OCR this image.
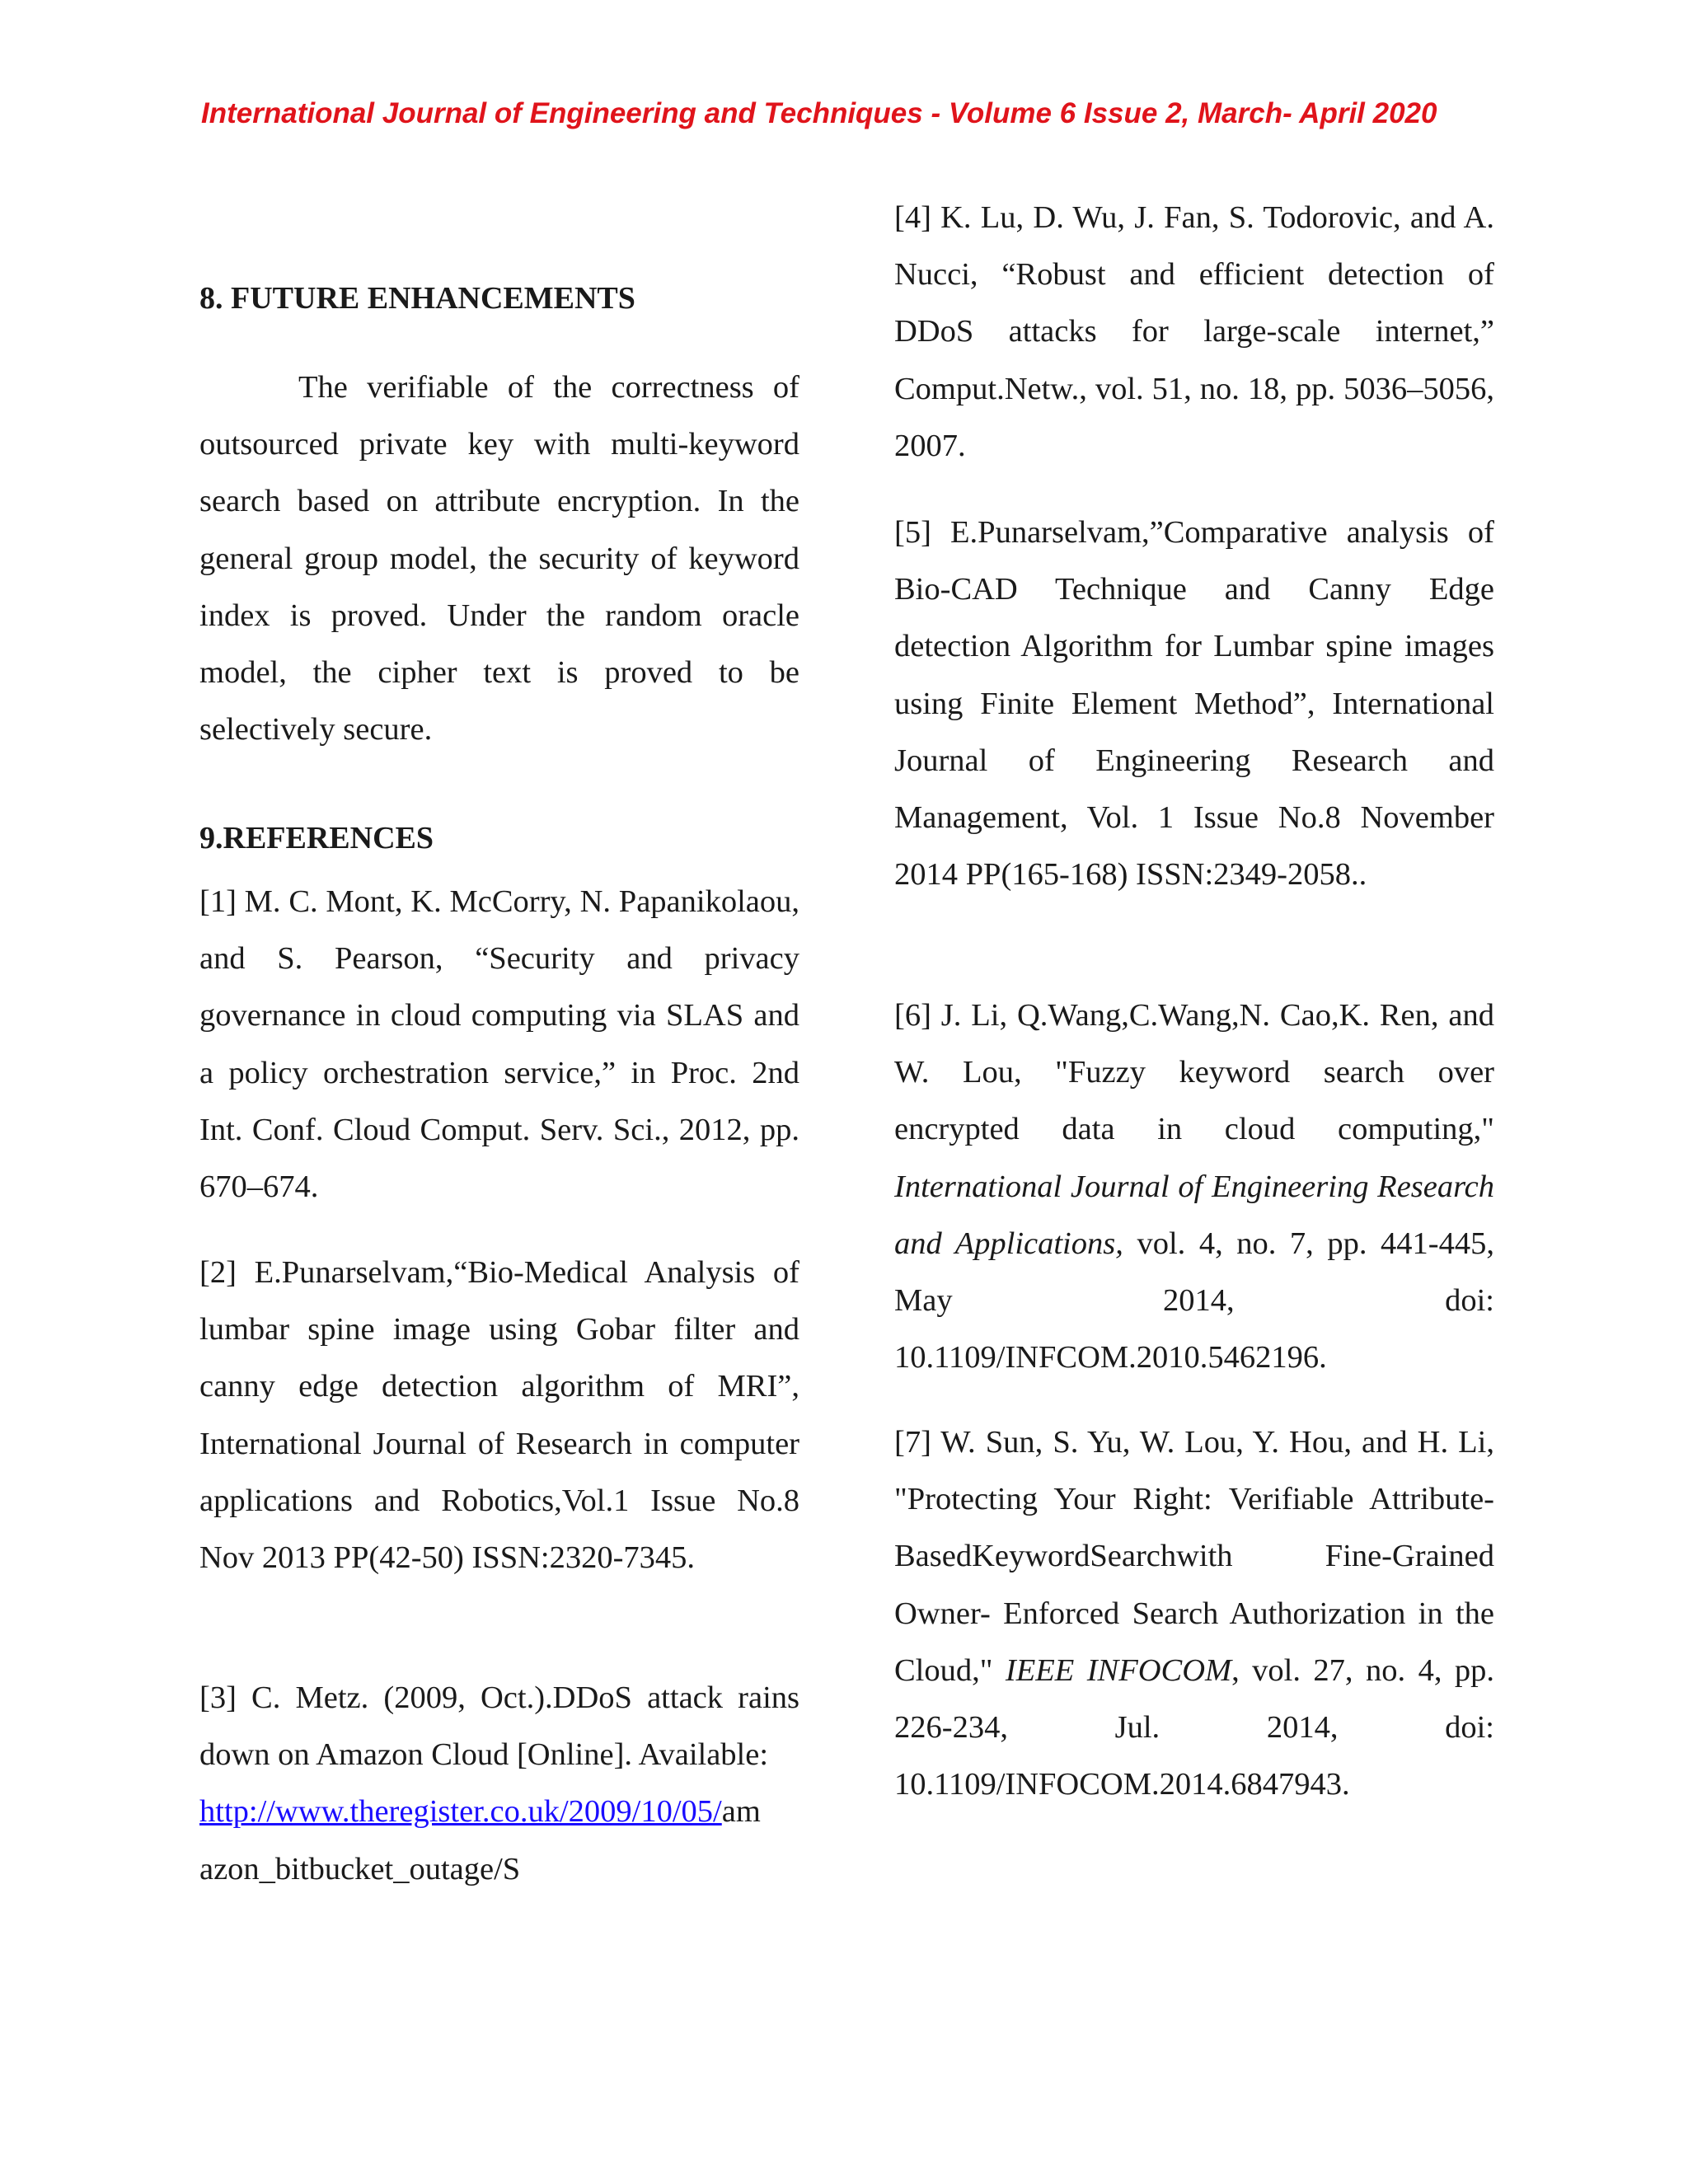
International Journal of Engineering and Techniques - Volume 6 Issue 2, March- April 2020
8. FUTURE ENHANCEMENTS

The verifiable of the correctness of outsourced private key with multi-keyword search based on attribute encryption. In the general group model, the security of keyword index is proved. Under the random oracle model, the cipher text is proved to be selectively secure.

9.REFERENCES

[1] M. C. Mont, K. McCorry, N. Papanikolaou, and S. Pearson, “Security and privacy governance in cloud computing via SLAS and a policy orchestration service,” in Proc. 2nd Int. Conf. Cloud Comput. Serv. Sci., 2012, pp. 670–674.

[2] E.Punarselvam,“Bio-Medical Analysis of lumbar spine image using Gobar filter and canny edge detection algorithm of MRI”, International Journal of Research in computer applications and Robotics,Vol.1 Issue No.8 Nov 2013 PP(42-50) ISSN:2320-7345.

[3] C. Metz. (2009, Oct.).DDoS attack rains down on Amazon Cloud [Online]. Available:
http://www.theregister.co.uk/2009/10/05/am azon_bitbucket_outage/S

[4] K. Lu, D. Wu, J. Fan, S. Todorovic, and A. Nucci, “Robust and efficient detection of DDoS attacks for large-scale internet,” Comput.Netw., vol. 51, no. 18, pp. 5036–5056, 2007.

[5] E.Punarselvam,”Comparative analysis of Bio-CAD Technique and Canny Edge detection Algorithm for Lumbar spine images using Finite Element Method”, International Journal of Engineering Research and Management, Vol. 1 Issue No.8 November 2014 PP(165-168) ISSN:2349-2058..

[6] J. Li, Q.Wang,C.Wang,N. Cao,K. Ren, and W. Lou, "Fuzzy keyword search over encrypted data in cloud computing," International Journal of Engineering Research and Applications, vol. 4, no. 7, pp. 441-445, May 2014, doi: 10.1109/INFCOM.2010.5462196.
[7] W. Sun, S. Yu, W. Lou, Y. Hou, and H. Li, "Protecting Your Right: Verifiable Attribute-BasedKeywordSearchwith Fine-Grained Owner- Enforced Search Authorization in the Cloud," IEEE INFOCOM, vol. 27, no. 4, pp. 226-234, Jul. 2014, doi: 10.1109/INFOCOM.2014.6847943.
